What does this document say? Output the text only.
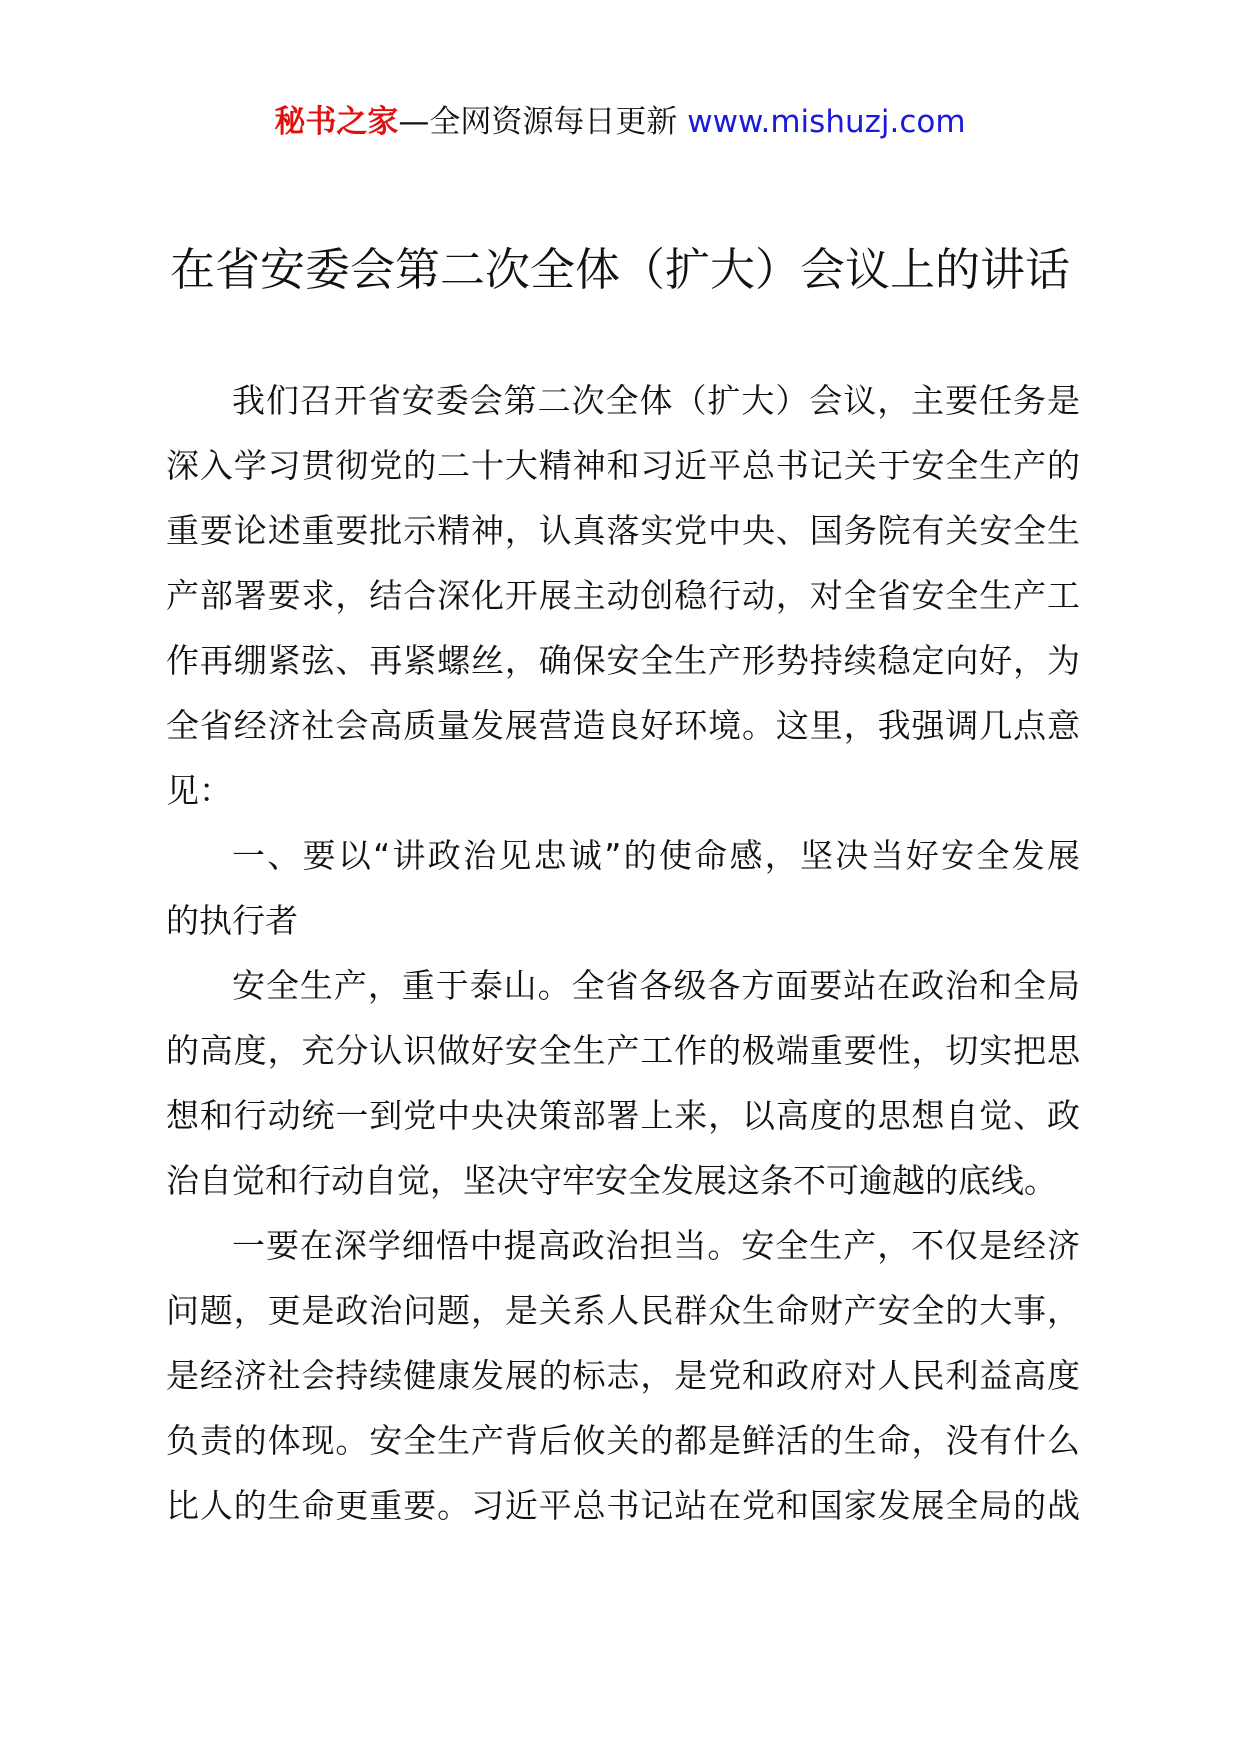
秘书之家—全网资源每日更新 www.mishuzj.com
在省安委会第二次全体（扩大）会议上的讲话
我们召开省安委会第二次全体（扩大）会议，主要任务是
深入学习贯彻党的二十大精神和习近平总书记关于安全生产的
重要论述重要批示精神，认真落实党中央、国务院有关安全生
产部署要求，结合深化开展主动创稳行动，对全省安全生产工
作再绷紧弦、再紧螺丝，确保安全生产形势持续稳定向好，为
全省经济社会高质量发展营造良好环境。这里，我强调几点意
见：
一、要以“讲政治见忠诚”的使命感，坚决当好安全发展
的执行者
安全生产，重于泰山。全省各级各方面要站在政治和全局
的高度，充分认识做好安全生产工作的极端重要性，切实把思
想和行动统一到党中央决策部署上来，以高度的思想自觉、政
治自觉和行动自觉，坚决守牢安全发展这条不可逾越的底线。
一要在深学细悟中提高政治担当。安全生产，不仅是经济
问题，更是政治问题，是关系人民群众生命财产安全的大事，
是经济社会持续健康发展的标志，是党和政府对人民利益高度
负责的体现。安全生产背后攸关的都是鲜活的生命，没有什么
比人的生命更重要。习近平总书记站在党和国家发展全局的战
